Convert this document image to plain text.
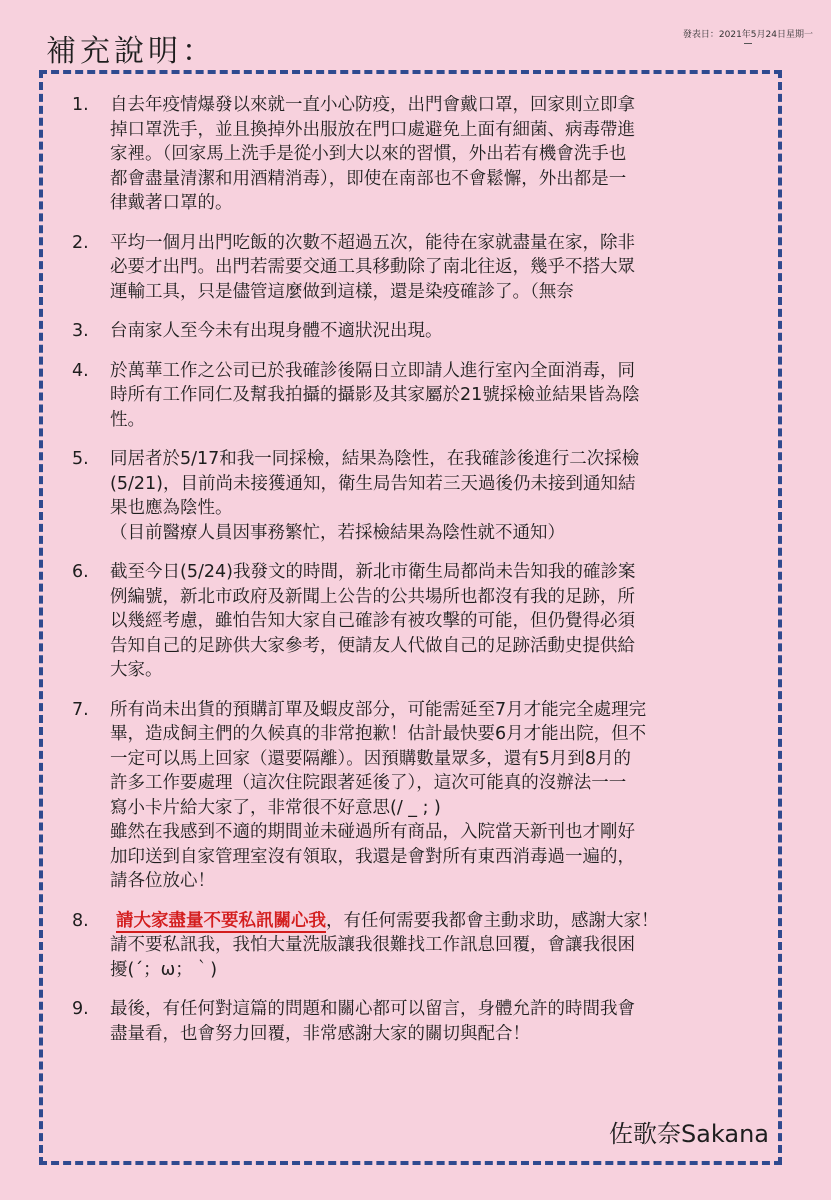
補充說明：	發表日：2021年5月24日星期一
1.	自去年疫情爆發以來就一直小心防疫，出門會戴口罩，回家則立即拿
掉口罩洗手，並且換掉外出服放在門口處避免上面有細菌、病毒帶進
家裡。（回家馬上洗手是從小到大以來的習慣，外出若有機會洗手也
都會盡量清潔和用酒精消毒），即使在南部也不會鬆懈，外出都是一
律戴著口罩的。
2.	平均一個月出門吃飯的次數不超過五次，能待在家就盡量在家，除非
必要才出門。出門若需要交通工具移動除了南北往返，幾乎不搭大眾
運輸工具，只是儘管這麼做到這樣，還是染疫確診了。（無奈
3.	台南家人至今未有出現身體不適狀況出現。
4.	於萬華工作之公司已於我確診後隔日立即請人進行室內全面消毒，同
時所有工作同仁及幫我拍攝的攝影及其家屬於21號採檢並結果皆為陰
性。
5.	同居者於5/17和我一同採檢，結果為陰性，在我確診後進行二次採檢
(5/21)，目前尚未接獲通知，衛生局告知若三天過後仍未接到通知結
果也應為陰性。
（目前醫療人員因事務繁忙，若採檢結果為陰性就不通知）
6.	截至今日(5/24)我發文的時間，新北市衛生局都尚未告知我的確診案
例編號，新北市政府及新聞上公告的公共場所也都沒有我的足跡，所
以幾經考慮，雖怕告知大家自己確診有被攻擊的可能，但仍覺得必須
告知自己的足跡供大家參考，便請友人代做自己的足跡活動史提供給
大家。
7.	所有尚未出貨的預購訂單及蝦皮部分，可能需延至7月才能完全處理完
畢，造成飼主們的久候真的非常抱歉！估計最快要6月才能出院，但不
一定可以馬上回家（還要隔離）。因預購數量眾多，還有5月到8月的
許多工作要處理（這次住院跟著延後了），這次可能真的沒辦法一一
寫小卡片給大家了，非常很不好意思(/ _ ; )
雖然在我感到不適的期間並未碰過所有商品，入院當天新刊也才剛好
加印送到自家管理室沒有領取，我還是會對所有東西消毒過一遍的，
請各位放心！
8.	請大家盡量不要私訊關心我，有任何需要我都會主動求助，感謝大家！
請不要私訊我，我怕大量洗版讓我很難找工作訊息回覆，會讓我很困
擾(´；ω；｀)
9.	最後，有任何對這篇的問題和關心都可以留言，身體允許的時間我會
盡量看，也會努力回覆，非常感謝大家的關切與配合！
佐歌奈Sakana
